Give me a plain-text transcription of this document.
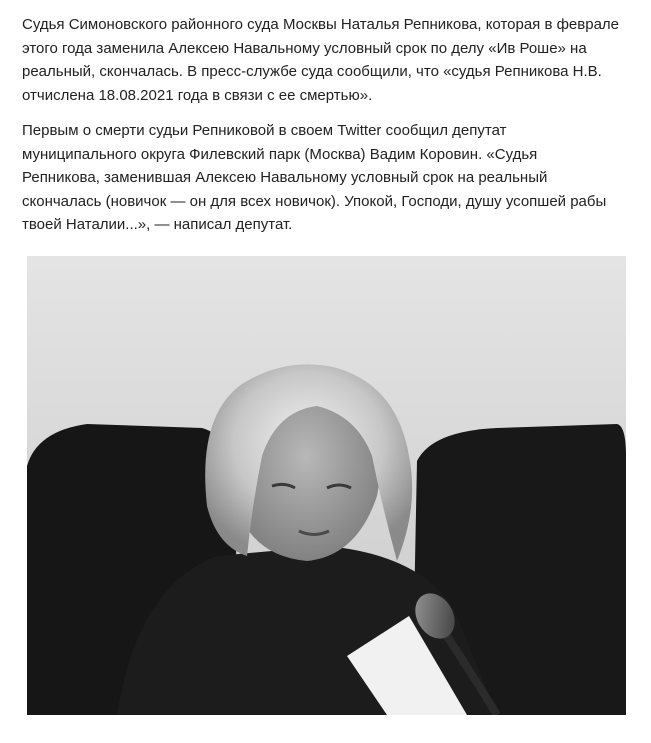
Судья Симоновского районного суда Москвы Наталья Репникова, которая в феврале
этого года заменила Алексею Навальному условный срок по делу «Ив Роше» на
реальный, скончалась. В пресс-службе суда сообщили, что «судья Репникова Н.В.
отчислена 18.08.2021 года в связи с ее смертью».

Первым о смерти судьи Репниковой в своем Twitter сообщил депутат
муниципального округа Филевский парк (Москва) Вадим Коровин. «Судья
Репникова, заменившая Алексею Навальному условный срок на реальный
скончалась (новичок — он для всех новичок). Упокой, Господи, душу усопшей рабы
твоей Наталии...», — написал депутат.
